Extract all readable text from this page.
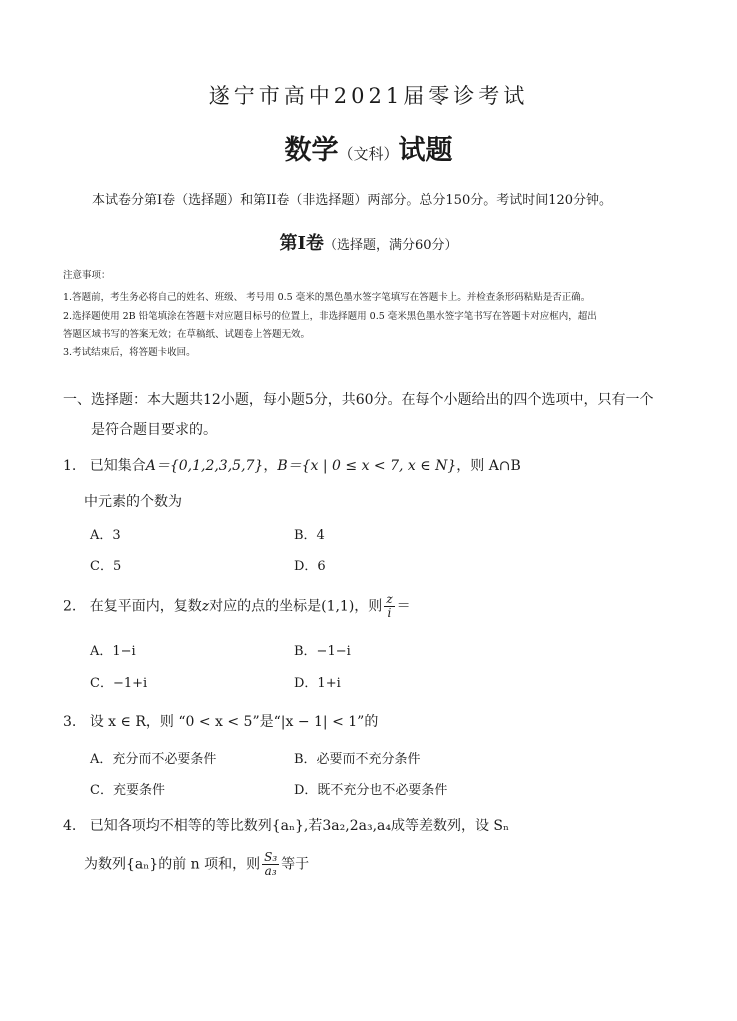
遂宁市高中2021届零诊考试
数学（文科）试题
本试卷分第I卷（选择题）和第II卷（非选择题）两部分。总分150分。考试时间120分钟。
第Ⅰ卷（选择题，满分60分）
注意事项：
1.答题前，考生务必将自己的姓名、班级、 考号用 0.5 毫米的黑色墨水签字笔填写在答题卡上。并检查条形码粘贴是否正确。
2.选择题使用 2B 铅笔填涂在答题卡对应题目标号的位置上，非选择题用 0.5 毫米黑色墨水签字笔书写在答题卡对应框内，超出
答题区域书写的答案无效；在草稿纸、试题卷上答题无效。
3.考试结束后，将答题卡收回。
一、选择题：本大题共12小题，每小题5分，共60分。在每个小题给出的四个选项中，只有一个
是符合题目要求的。
1. 已知集合A＝{0,1,2,3,5,7}，B＝{x | 0 ≤ x < 7, x ∈ N}，则 A∩B
中元素的个数为
A．3	B．4
C．5	D．6
2. 在复平面内，复数z对应的点的坐标是(1,1)，则 $\frac{z}{i}$ ＝
A．1−i	B．−1−i
C．−1+i	D．1+i
3. 设 x ∈ R，则 “0 < x < 5”是“|x − 1| < 1”的
A．充分而不必要条件	B．必要而不充分条件
C．充要条件	D．既不充分也不必要条件
4. 已知各项均不相等的等比数列{aₙ},若3a₂,2a₃,a₄成等差数列，设 Sₙ
为数列{aₙ}的前 n 项和，则 $\frac{\text{S₃}}{\text{a₃}}$ 等于
